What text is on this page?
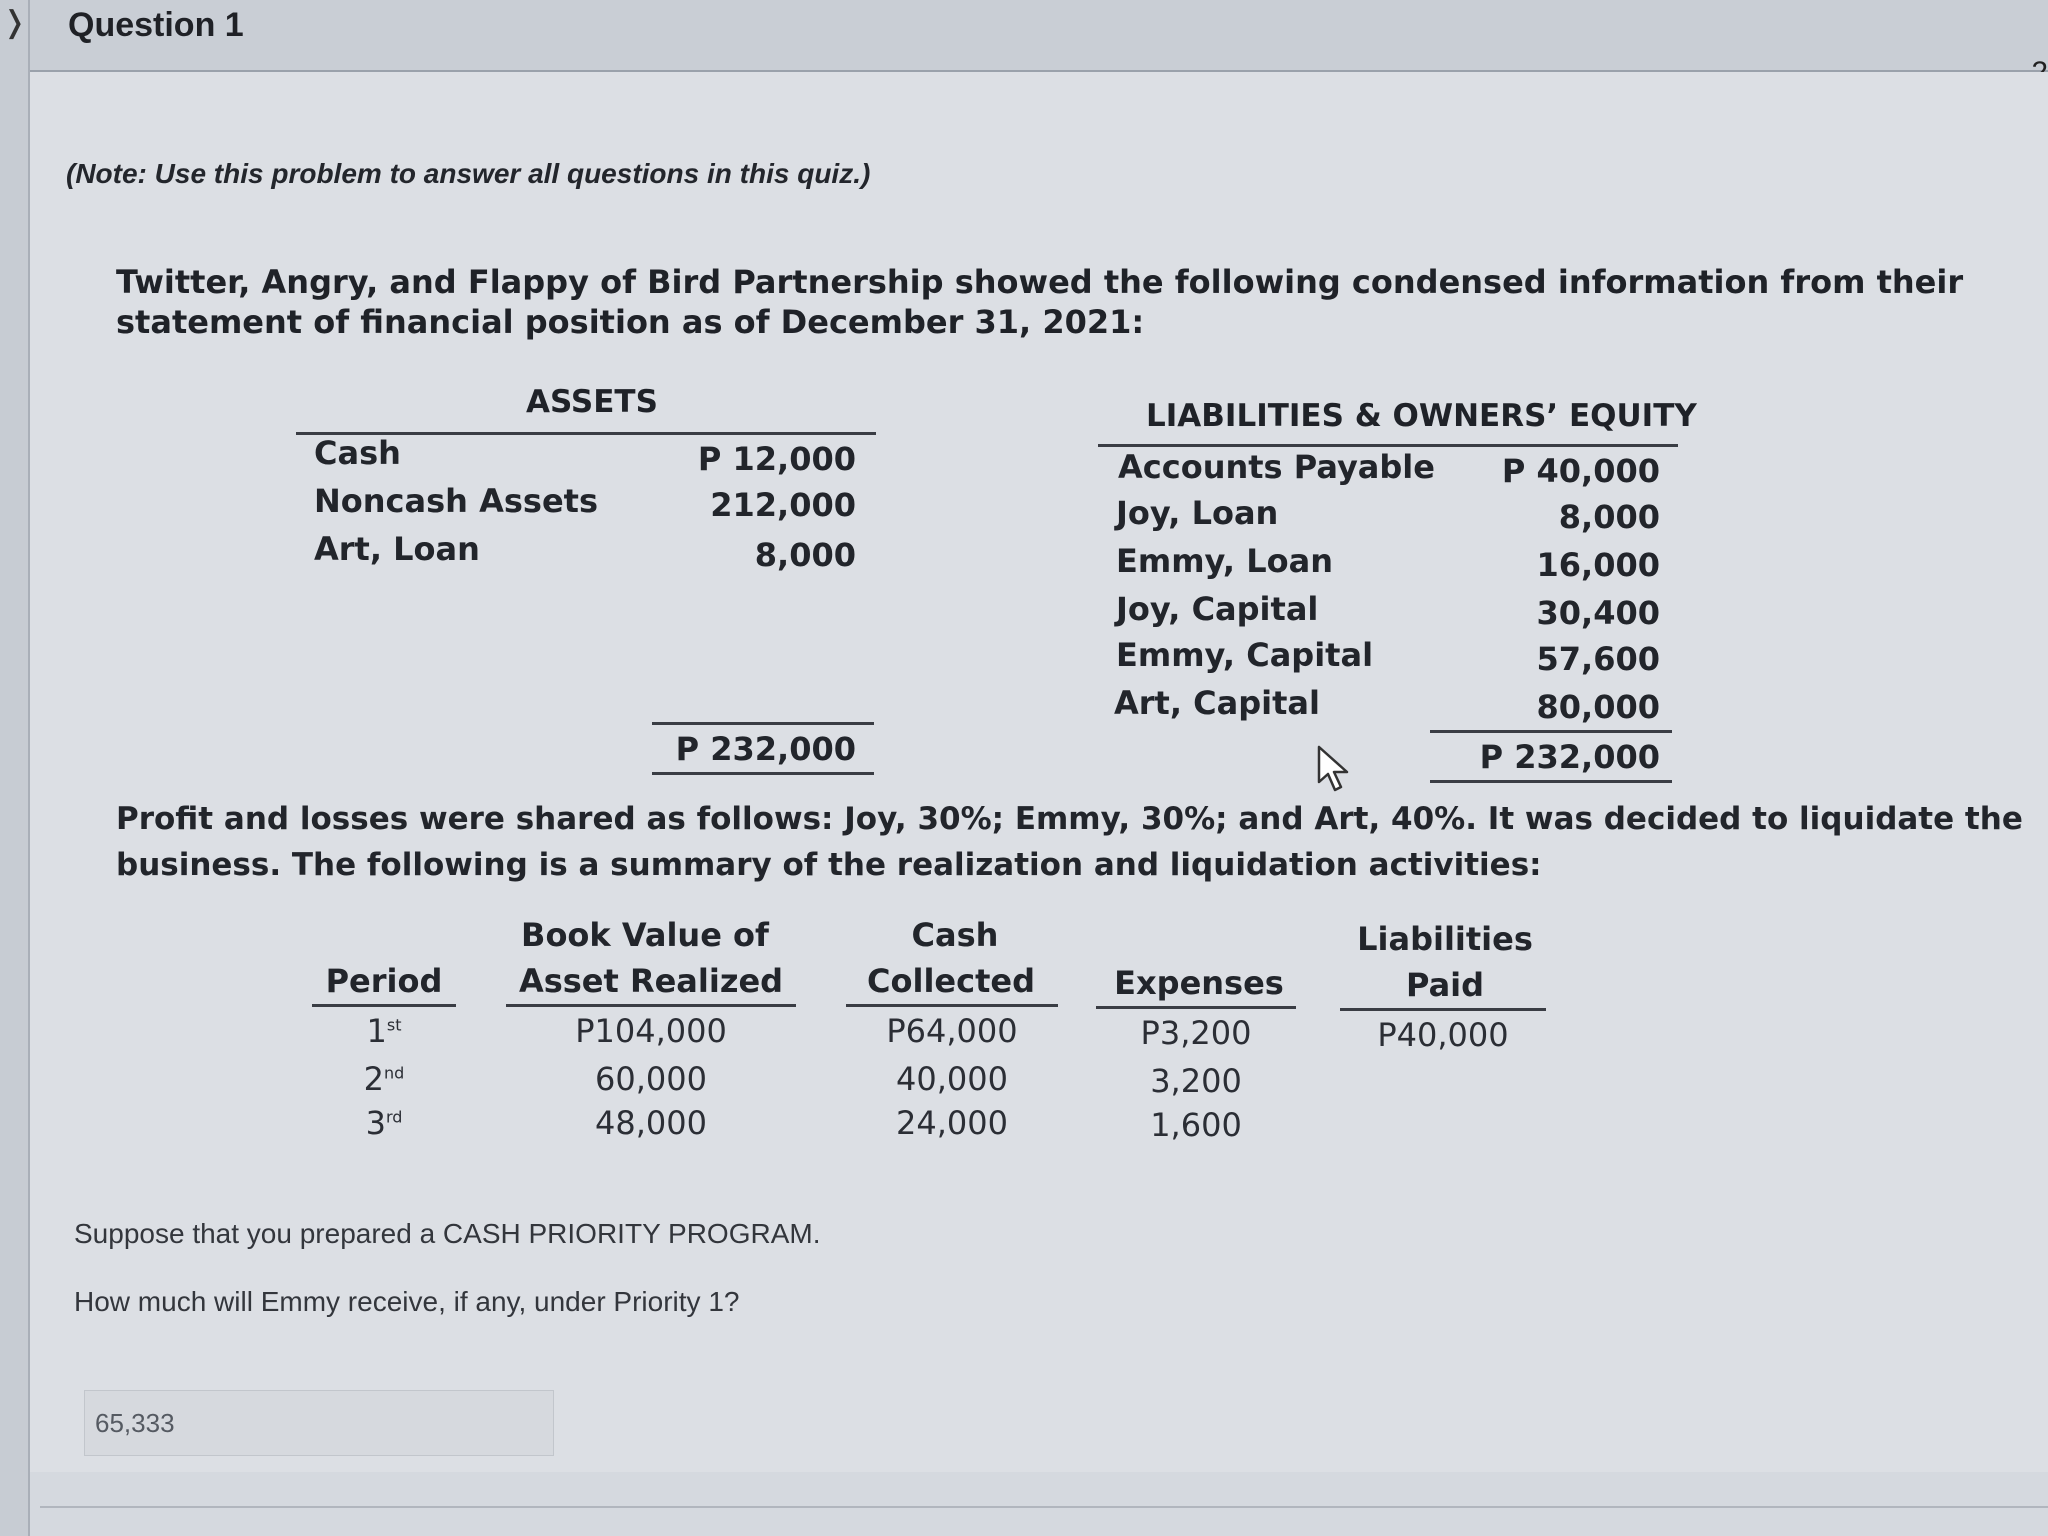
❭ Question 1
(Note: Use this problem to answer all questions in this quiz.)
Twitter, Angry, and Flappy of Bird Partnership showed the following condensed information from their statement of financial position as of December 31, 2021:
ASSETS
Cash	P 12,000
Noncash Assets	212,000
Art, Loan	8,000
P 232,000
LIABILITIES & OWNERS’ EQUITY
Accounts Payable	P 40,000
Joy, Loan	8,000
Emmy, Loan	16,000
Joy, Capital	30,400
Emmy, Capital	57,600
Art, Capital	80,000
P 232,000
Profit and losses were shared as follows: Joy, 30%; Emmy, 30%; and Art, 40%. It was decided to liquidate the business. The following is a summary of the realization and liquidation activities:
Book Value of	Cash	Liabilities
Period	Asset Realized	Collected	Expenses	Paid
1st	P104,000	P64,000	P3,200	P40,000
2nd	60,000	40,000	3,200
3rd	48,000	24,000	1,600
Suppose that you prepared a CASH PRIORITY PROGRAM.
How much will Emmy receive, if any, under Priority 1?
65,333
